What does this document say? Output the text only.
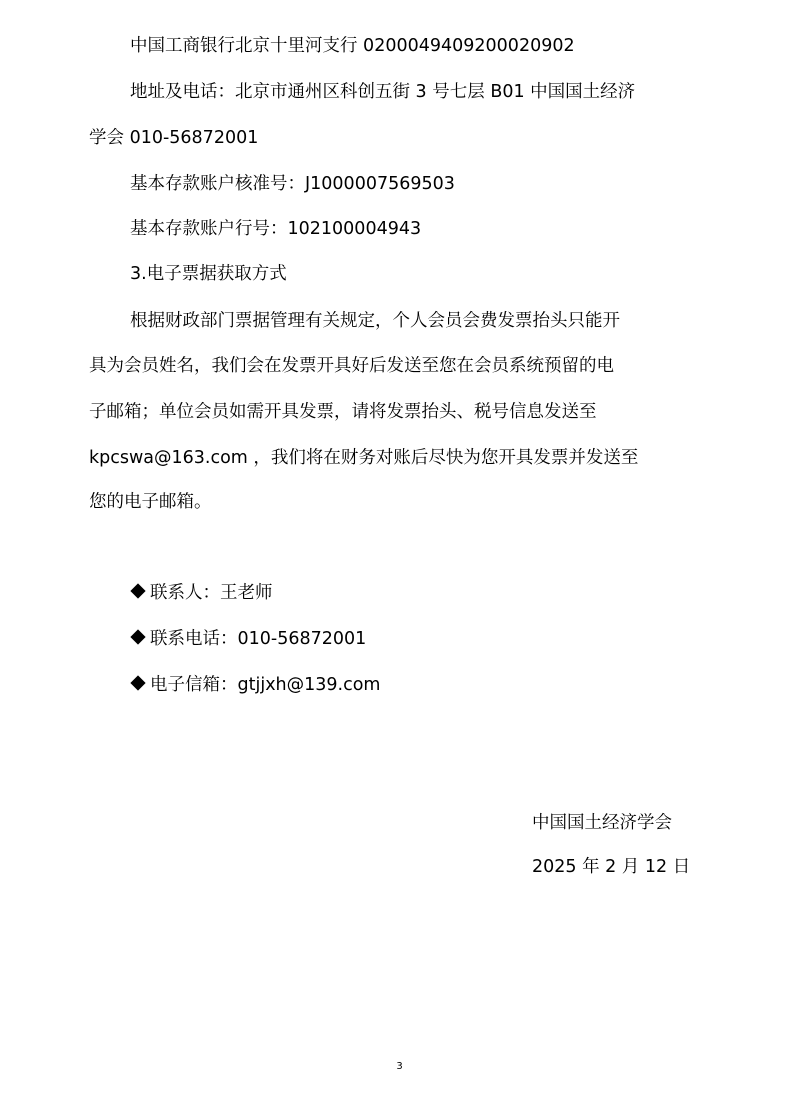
中国工商银行北京十里河支行 0200049409200020902
地址及电话：北京市通州区科创五街 3 号七层 B01 中国国土经济
学会 010-56872001
基本存款账户核准号：J1000007569503
基本存款账户行号：102100004943
3.电子票据获取方式
根据财政部门票据管理有关规定，个人会员会费发票抬头只能开
具为会员姓名，我们会在发票开具好后发送至您在会员系统预留的电
子邮箱；单位会员如需开具发票，请将发票抬头、税号信息发送至
kpcswa@163.com ，我们将在财务对账后尽快为您开具发票并发送至
您的电子邮箱。
联系人：王老师
联系电话：010-56872001
电子信箱：gtjjxh@139.com
中国国土经济学会
2025 年 2 月 12 日
3
